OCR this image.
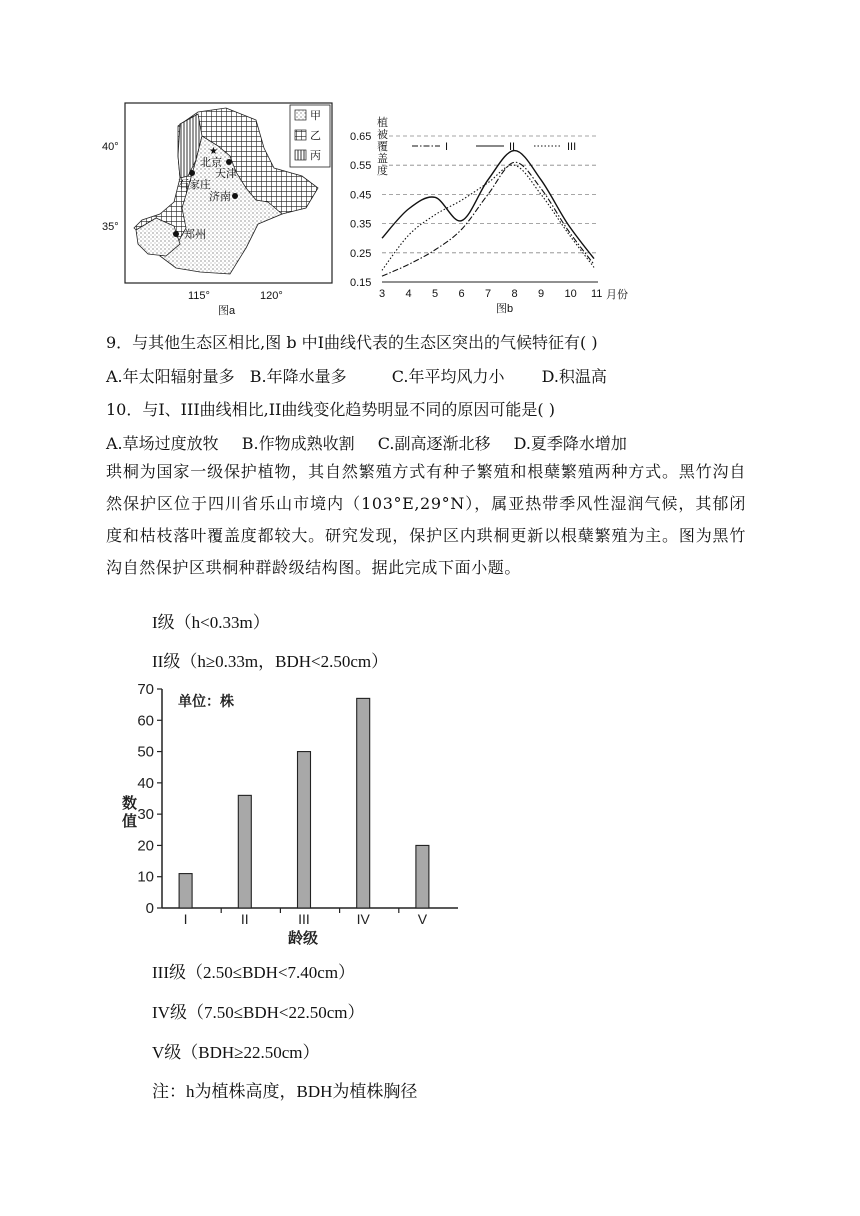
★
北京
天津
石家庄
济南
郑州
甲
乙
丙
40°
35°
115°	120°
图a
植被覆盖度
0.15
0.25
0.35
0.45
0.55
0.65
3 4 5 6 7 8 9 10 11
I	II	III
月份
图b
9．与其他生态区相比,图 b 中I曲线代表的生态区突出的气候特征有( )
A.年太阳辐射量多 B.年降水量多	C.年平均风力小 D.积温高
10．与I、III曲线相比,II曲线变化趋势明显不同的原因可能是( )
A.草场过度放牧 B.作物成熟收割 C.副高逐渐北移 D.夏季降水增加
珙桐为国家一级保护植物，其自然繁殖方式有种子繁殖和根蘖繁殖两种方式。黑竹沟自然保护区位于四川省乐山市境内（103°E,29°N），属亚热带季风性湿润气候，其郁闭度和枯枝落叶覆盖度都较大。研究发现，保护区内珙桐更新以根蘖繁殖为主。图为黑竹沟自然保护区珙桐种群龄级结构图。据此完成下面小题。
I级（h<0.33m）
II级（h≥0.33m，BDH<2.50cm）
数值
单位：株
0
10
20
30
40
50
60
70
I	II	III	IV	V
龄级
III级（2.50≤BDH<7.40cm）
IV级（7.50≤BDH<22.50cm）
V级（BDH≥22.50cm）
注：h为植株高度，BDH为植株胸径
